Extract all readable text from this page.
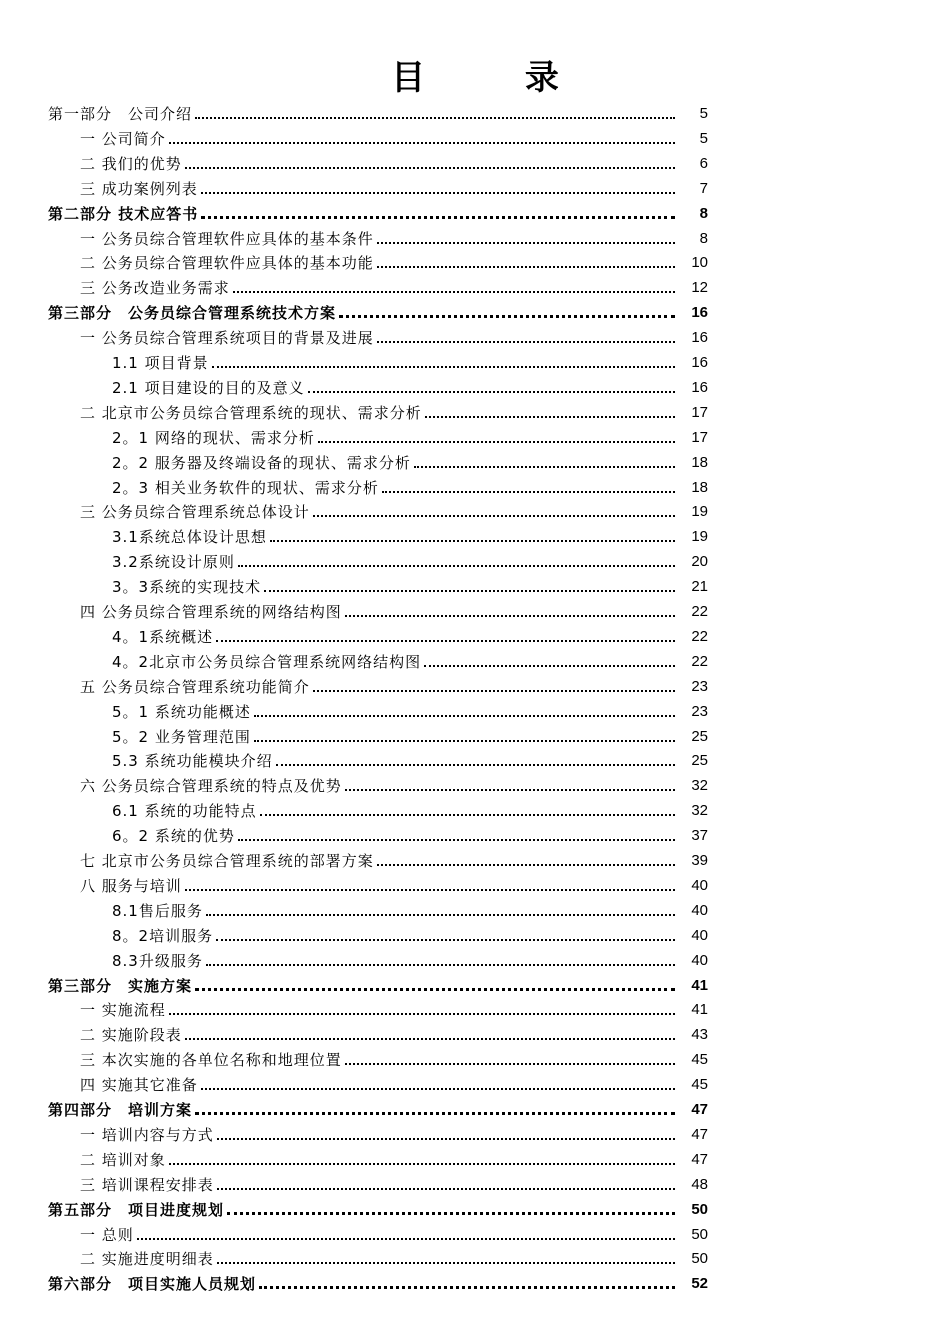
目 录
第一部分　公司介绍	5
一 公司简介	5
二 我们的优势	6
三 成功案例列表	7
第二部分 技术应答书	8
一 公务员综合管理软件应具体的基本条件	8
二 公务员综合管理软件应具体的基本功能	10
三 公务改造业务需求	12
第三部分　公务员综合管理系统技术方案	16
一 公务员综合管理系统项目的背景及进展	16
1.1 项目背景	16
2.1 项目建设的目的及意义	16
二 北京市公务员综合管理系统的现状、需求分析	17
2。1 网络的现状、需求分析	17
2。2 服务器及终端设备的现状、需求分析	18
2。3 相关业务软件的现状、需求分析	18
三 公务员综合管理系统总体设计	19
3.1系统总体设计思想	19
3.2系统设计原则	20
3。3系统的实现技术	21
四 公务员综合管理系统的网络结构图	22
4。1系统概述	22
4。2北京市公务员综合管理系统网络结构图	22
五 公务员综合管理系统功能简介	23
5。1 系统功能概述	23
5。2 业务管理范围	25
5.3 系统功能模块介绍	25
六 公务员综合管理系统的特点及优势	32
6.1 系统的功能特点	32
6。2 系统的优势	37
七 北京市公务员综合管理系统的部署方案	39
八 服务与培训	40
8.1售后服务	40
8。2培训服务	40
8.3升级服务	40
第三部分　实施方案	41
一 实施流程	41
二 实施阶段表	43
三 本次实施的各单位名称和地理位置	45
四 实施其它准备	45
第四部分　培训方案	47
一 培训内容与方式	47
二 培训对象	47
三 培训课程安排表	48
第五部分　项目进度规划	50
一 总则	50
二 实施进度明细表	50
第六部分　项目实施人员规划	52
